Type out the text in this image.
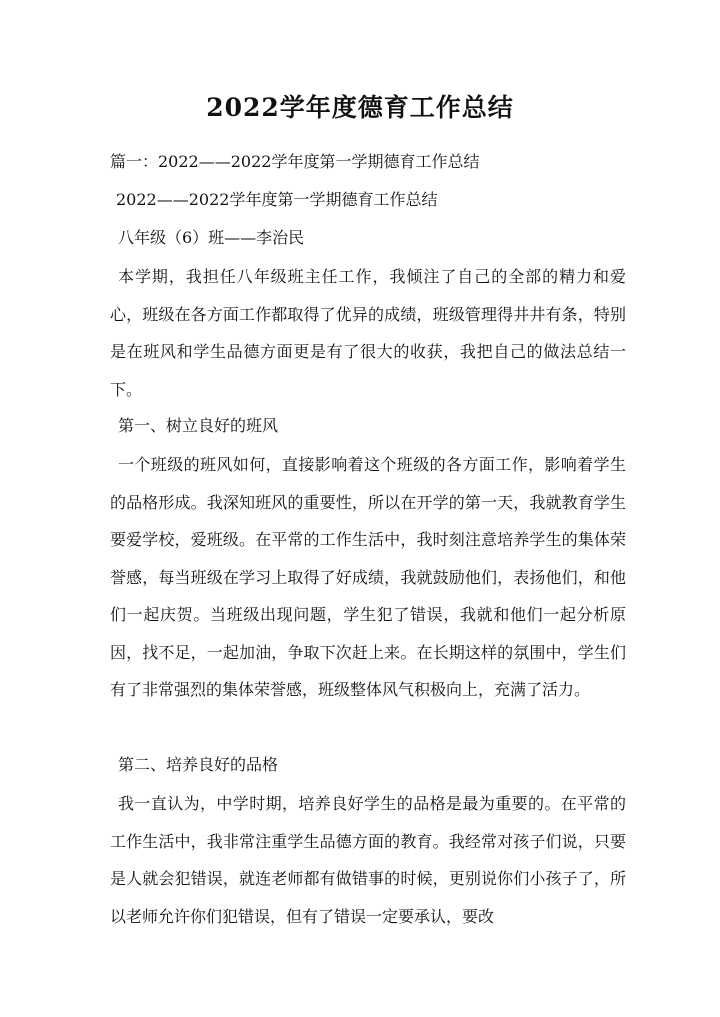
2022学年度德育工作总结
篇一：2022——2022学年度第一学期德育工作总结
2022——2022学年度第一学期德育工作总结
八年级（6）班——李治民
本学期，我担任八年级班主任工作，我倾注了自己的全部的精力和爱心，班级在各方面工作都取得了优异的成绩，班级管理得井井有条，特别是在班风和学生品德方面更是有了很大的收获，我把自己的做法总结一下。
第一、树立良好的班风
一个班级的班风如何，直接影响着这个班级的各方面工作，影响着学生的品格形成。我深知班风的重要性，所以在开学的第一天，我就教育学生要爱学校，爱班级。在平常的工作生活中，我时刻注意培养学生的集体荣誉感，每当班级在学习上取得了好成绩，我就鼓励他们，表扬他们，和他们一起庆贺。当班级出现问题，学生犯了错误，我就和他们一起分析原因，找不足，一起加油，争取下次赶上来。在长期这样的氛围中，学生们有了非常强烈的集体荣誉感，班级整体风气积极向上，充满了活力。
第二、培养良好的品格
我一直认为，中学时期，培养良好学生的品格是最为重要的。在平常的工作生活中，我非常注重学生品德方面的教育。我经常对孩子们说，只要是人就会犯错误，就连老师都有做错事的时候，更别说你们小孩子了，所以老师允许你们犯错误，但有了错误一定要承认，要改
